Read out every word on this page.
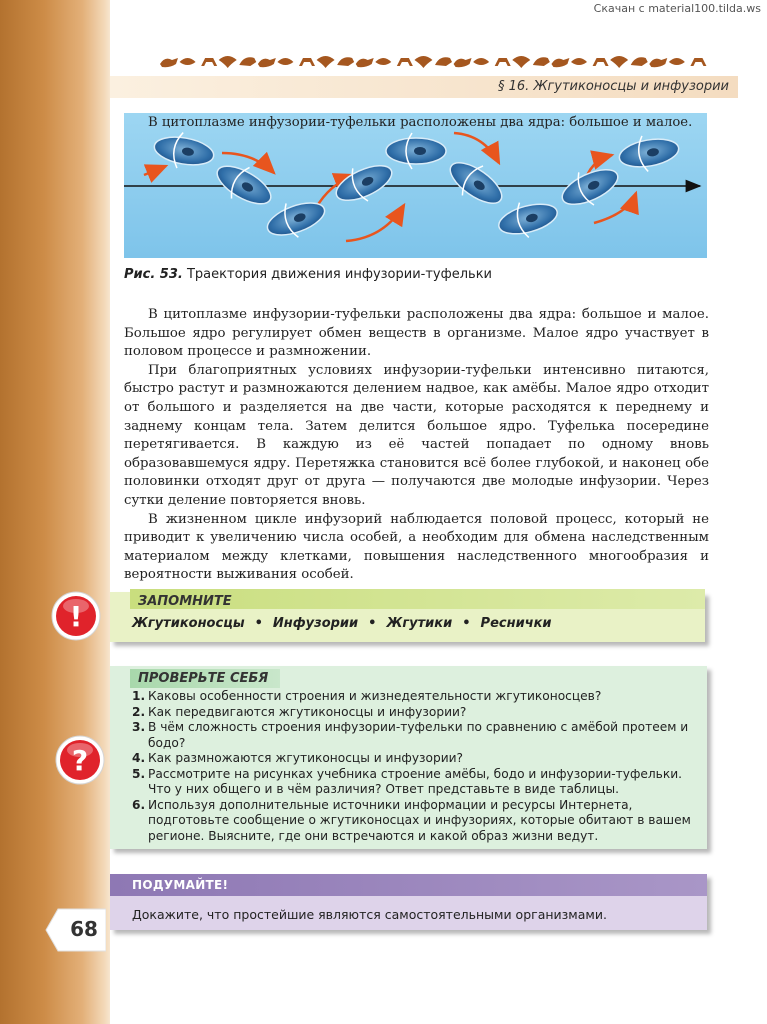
Скачан с material100.tilda.ws
§ 16. Жгутиконосцы и инфузории
В цитоплазме инфузории-туфельки расположены два ядра: большое и малое.
Рис. 53. Траектория движения инфузории-туфельки

В цитоплазме инфузории-туфельки расположены два ядра: большое и малое. Большое ядро регулирует обмен веществ в организме. Малое ядро участвует в половом процессе и размножении.

При благоприятных условиях инфузории-туфельки интенсивно питаются, быстро растут и размножаются делением надвое, как амёбы. Малое ядро отходит от большого и разделяется на две части, которые расходятся к переднему и заднему концам тела. Затем делится большое ядро. Туфелька посередине перетягивается. В каждую из её частей попадает по одному вновь образовавшемуся ядру. Перетяжка становится всё более глубокой, и наконец обе половинки отходят друг от друга — получаются две молодые инфузории. Через сутки деление повторяется вновь.

В жизненном цикле инфузорий наблюдается половой процесс, который не приводит к увеличению числа особей, а необходим для обмена наследственным материалом между клетками, повышения наследственного многообразия и вероятности выживания особей.

!	ЗАПОМНИТЕ
Жгутиконосцы • Инфузории • Жгутики • Реснички
?
ПРОВЕРЬТЕ СЕБЯ
1. Каковы особенности строения и жизнедеятельности жгутиконосцев?
2. Как передвигаются жгутиконосцы и инфузории?
3. В чём сложность строения инфузории-туфельки по сравнению с амёбой протеем и бодо?
4. Как размножаются жгутиконосцы и инфузории?
5. Рассмотрите на рисунках учебника строение амёбы, бодо и инфузории-туфельки. Что у них общего и в чём различия? Ответ представьте в виде таблицы.
6. Используя дополнительные источники информации и ресурсы Интернета, подготовьте сообщение о жгутиконосцах и инфузориях, которые обитают в вашем регионе. Выясните, где они встречаются и какой образ жизни ведут.
ПОДУМАЙТЕ!
Докажите, что простейшие являются самостоятельными организмами.
68
